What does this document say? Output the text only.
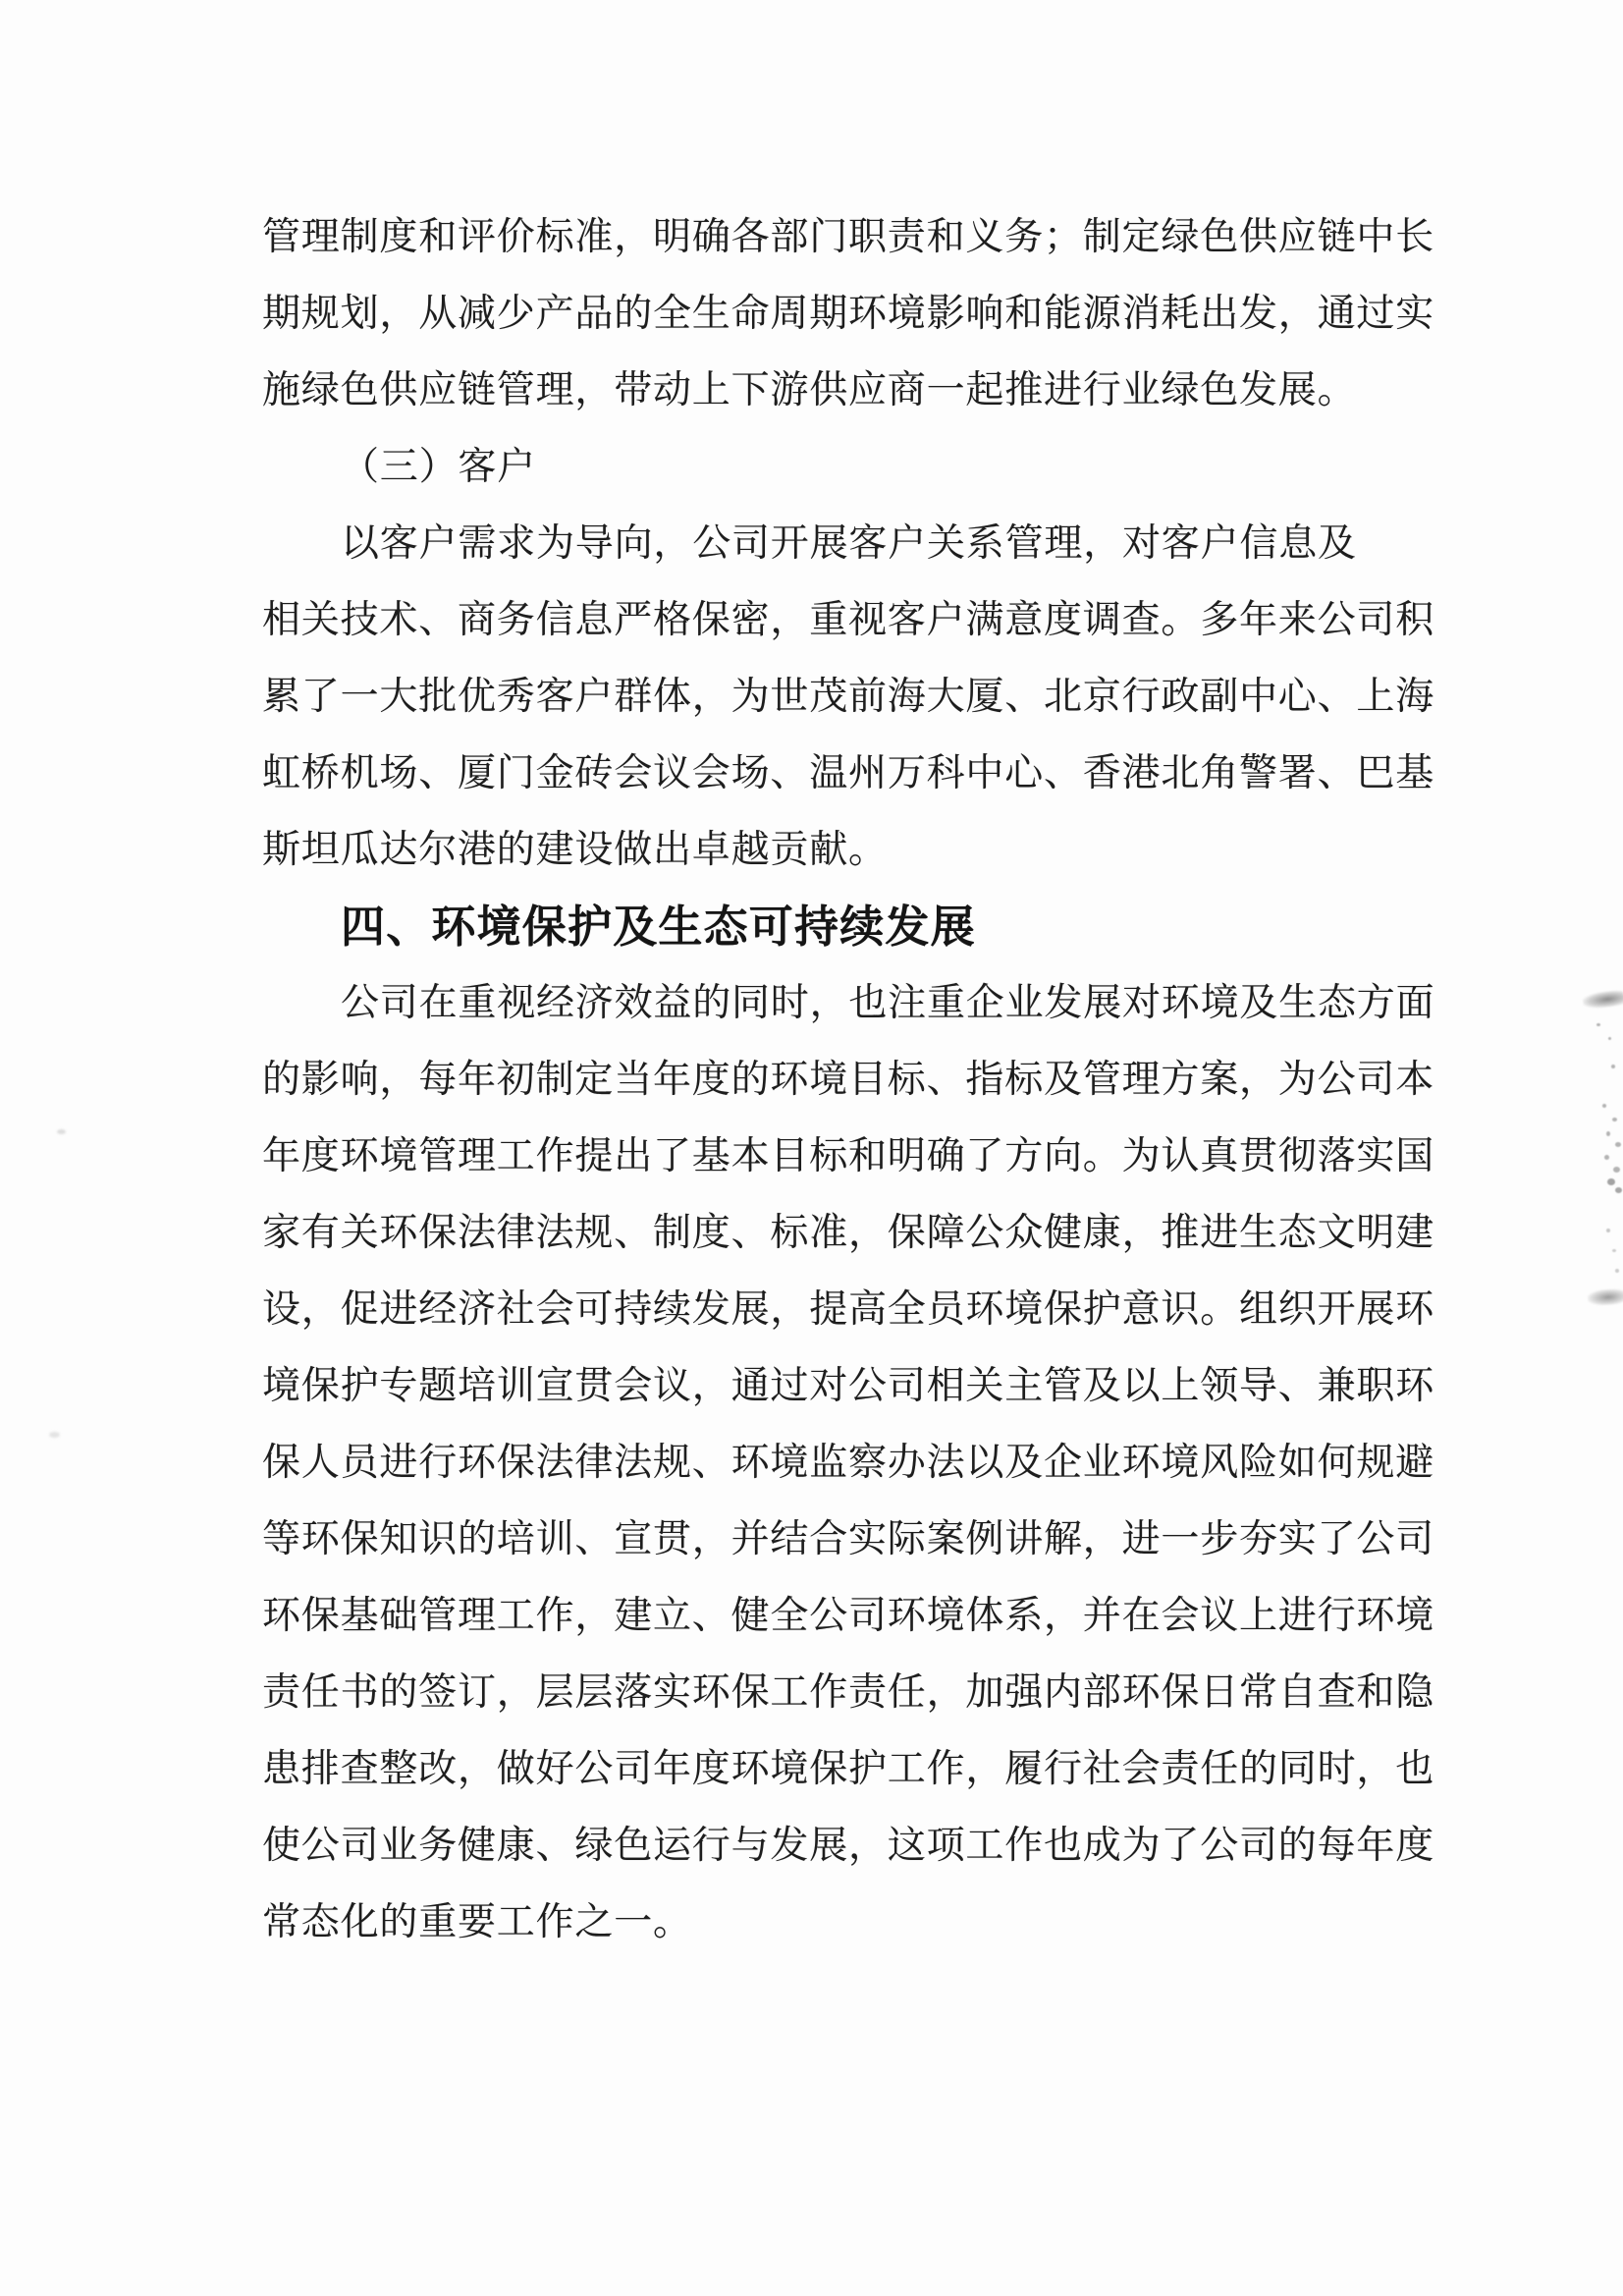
管理制度和评价标准，明确各部门职责和义务；制定绿色供应链中长
期规划，从减少产品的全生命周期环境影响和能源消耗出发，通过实
施绿色供应链管理，带动上下游供应商一起推进行业绿色发展。
（三）客户
以客户需求为导向，公司开展客户关系管理，对客户信息及
相关技术、商务信息严格保密，重视客户满意度调查。多年来公司积
累了一大批优秀客户群体，为世茂前海大厦、北京行政副中心、上海
虹桥机场、厦门金砖会议会场、温州万科中心、香港北角警署、巴基
斯坦瓜达尔港的建设做出卓越贡献。
四、环境保护及生态可持续发展
公司在重视经济效益的同时，也注重企业发展对环境及生态方面
的影响，每年初制定当年度的环境目标、指标及管理方案，为公司本
年度环境管理工作提出了基本目标和明确了方向。为认真贯彻落实国
家有关环保法律法规、制度、标准，保障公众健康，推进生态文明建
设，促进经济社会可持续发展，提高全员环境保护意识。组织开展环
境保护专题培训宣贯会议，通过对公司相关主管及以上领导、兼职环
保人员进行环保法律法规、环境监察办法以及企业环境风险如何规避
等环保知识的培训、宣贯，并结合实际案例讲解，进一步夯实了公司
环保基础管理工作，建立、健全公司环境体系，并在会议上进行环境
责任书的签订，层层落实环保工作责任，加强内部环保日常自查和隐
患排查整改，做好公司年度环境保护工作，履行社会责任的同时，也
使公司业务健康、绿色运行与发展，这项工作也成为了公司的每年度
常态化的重要工作之一。
